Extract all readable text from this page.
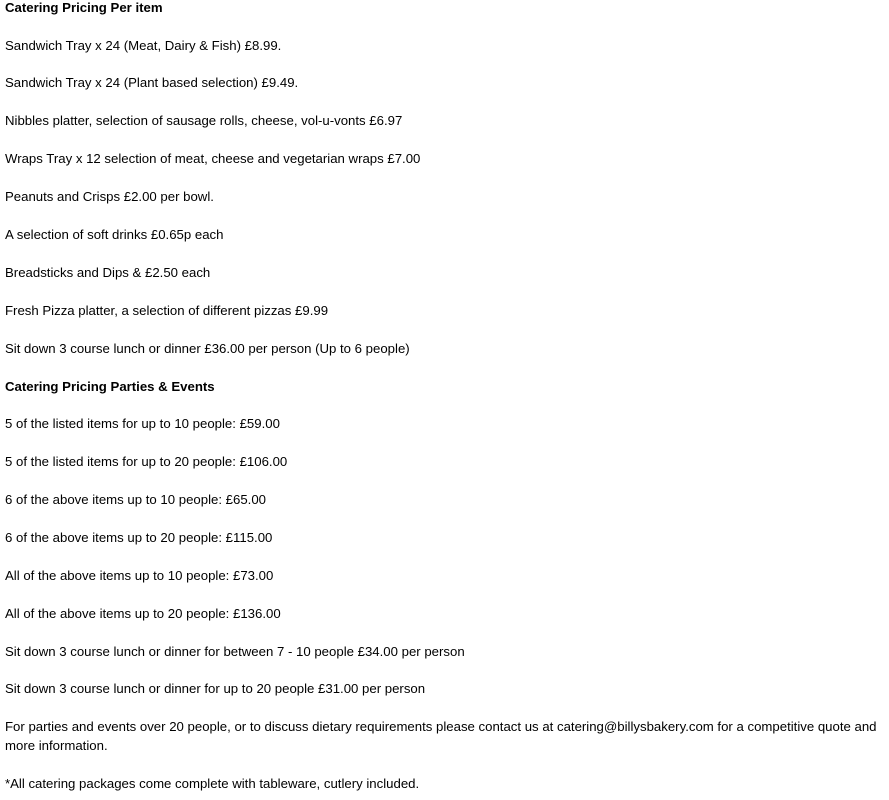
Catering Pricing Per item
Sandwich Tray x 24 (Meat, Dairy & Fish) £8.99.
Sandwich Tray x 24 (Plant based selection) £9.49.
Nibbles platter, selection of sausage rolls, cheese, vol-u-vonts £6.97
Wraps Tray x 12 selection of meat, cheese and vegetarian wraps £7.00
Peanuts and Crisps £2.00 per bowl.
A selection of soft drinks £0.65p each
Breadsticks and Dips & £2.50 each
Fresh Pizza platter, a selection of different pizzas £9.99
Sit down 3 course lunch or dinner £36.00 per person (Up to 6 people)
Catering Pricing Parties & Events
5 of the listed items for up to 10 people: £59.00
5 of the listed items for up to 20 people: £106.00
6 of the above items up to 10 people: £65.00
6 of the above items up to 20 people: £115.00
All of the above items up to 10 people: £73.00
All of the above items up to 20 people: £136.00
Sit down 3 course lunch or dinner for between 7 - 10 people £34.00 per person
Sit down 3 course lunch or dinner for up to 20 people £31.00 per person
For parties and events over 20 people, or to discuss dietary requirements please contact us at catering@billysbakery.com for a competitive quote and more information.
*All catering packages come complete with tableware, cutlery included.
